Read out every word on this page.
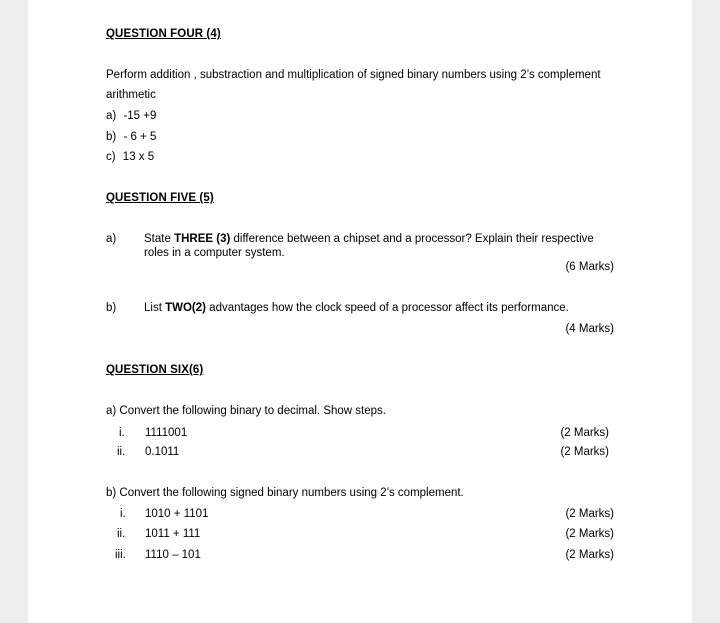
QUESTION FOUR (4)
Perform addition , substraction and multiplication of signed binary numbers using 2’s complement
arithmetic
a) -15 +9
b) - 6 + 5
c) 13 x 5
QUESTION FIVE (5)
a) State THREE (3) difference between a chipset and a processor? Explain their respective
roles in a computer system.
(6 Marks)
b) List TWO(2) advantages how the clock speed of a processor affect its performance.
(4 Marks)
QUESTION SIX(6)
a) Convert the following binary to decimal. Show steps.
i. 1111001	(2 Marks)
ii. 0.1011	(2 Marks)
b) Convert the following signed binary numbers using 2’s complement.
i. 1010 + 1101	(2 Marks)
ii. 1011 + 111	(2 Marks)
iii. 1110 – 101	(2 Marks)
